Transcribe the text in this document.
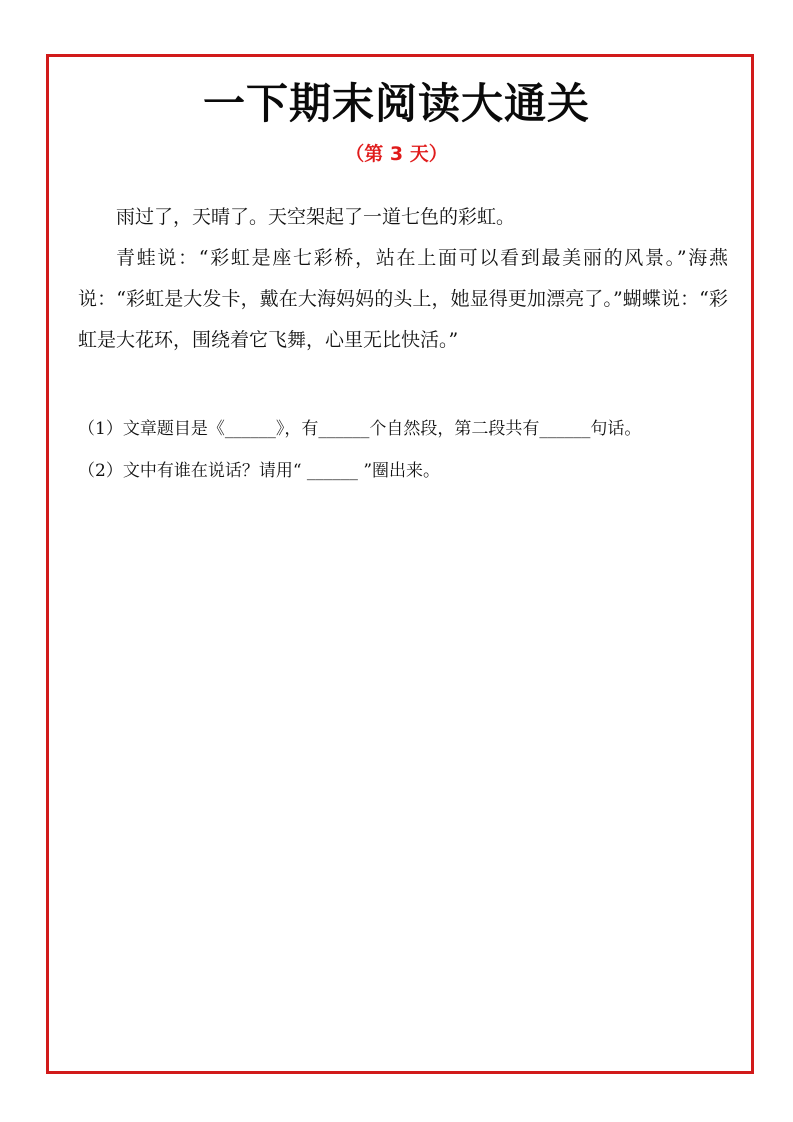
一下期末阅读大通关
（第 3 天）

雨过了，天晴了。天空架起了一道七色的彩虹。

青蛙说：“彩虹是座七彩桥，站在上面可以看到最美丽的风景。”海燕说：“彩虹是大发卡，戴在大海妈妈的头上，她显得更加漂亮了。”蝴蝶说：“彩虹是大花环，围绕着它飞舞，心里无比快活。”

（1）文章题目是《______》，有______个自然段，第二段共有______句话。

（2）文中有谁在说话？请用“ ______ ”圈出来。
